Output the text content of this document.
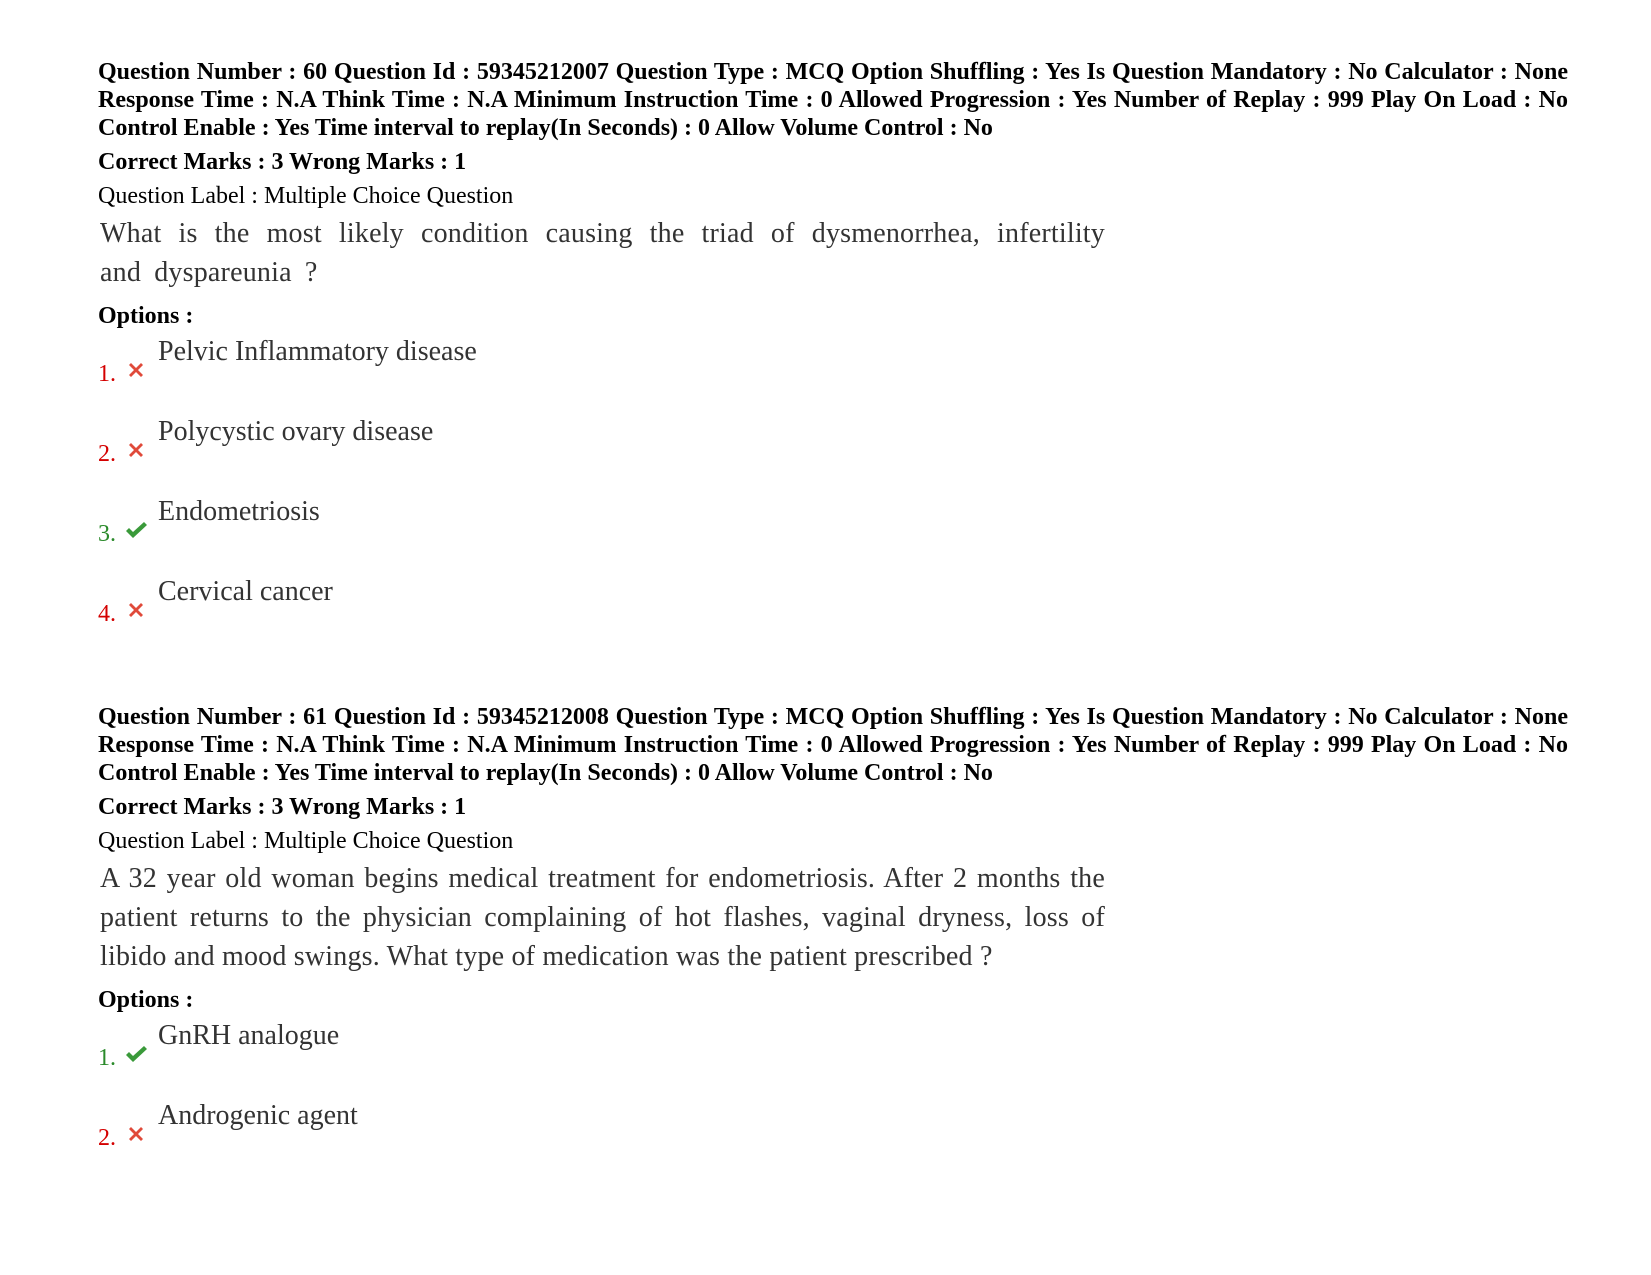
Question Number : 60 Question Id : 59345212007 Question Type : MCQ Option Shuffling : Yes Is Question Mandatory : No Calculator : None Response Time : N.A Think Time : N.A Minimum Instruction Time : 0 Allowed Progression : Yes Number of Replay : 999 Play On Load : No Control Enable : Yes Time interval to replay(In Seconds) : 0 Allow Volume Control : No

Correct Marks : 3 Wrong Marks : 1

Question Label : Multiple Choice Question

What is the most likely condition causing the triad of dysmenorrhea, infertility and dyspareunia ?

Options :

1.
Pelvic Inflammatory disease
2.
Polycystic ovary disease
3.
Endometriosis
4.
Cervical cancer

Question Number : 61 Question Id : 59345212008 Question Type : MCQ Option Shuffling : Yes Is Question Mandatory : No Calculator : None Response Time : N.A Think Time : N.A Minimum Instruction Time : 0 Allowed Progression : Yes Number of Replay : 999 Play On Load : No Control Enable : Yes Time interval to replay(In Seconds) : 0 Allow Volume Control : No

Correct Marks : 3 Wrong Marks : 1

Question Label : Multiple Choice Question

A 32 year old woman begins medical treatment for endometriosis. After 2 months the patient returns to the physician complaining of hot flashes, vaginal dryness, loss of libido and mood swings. What type of medication was the patient prescribed ?

Options :

1.
GnRH analogue
2.
Androgenic agent
